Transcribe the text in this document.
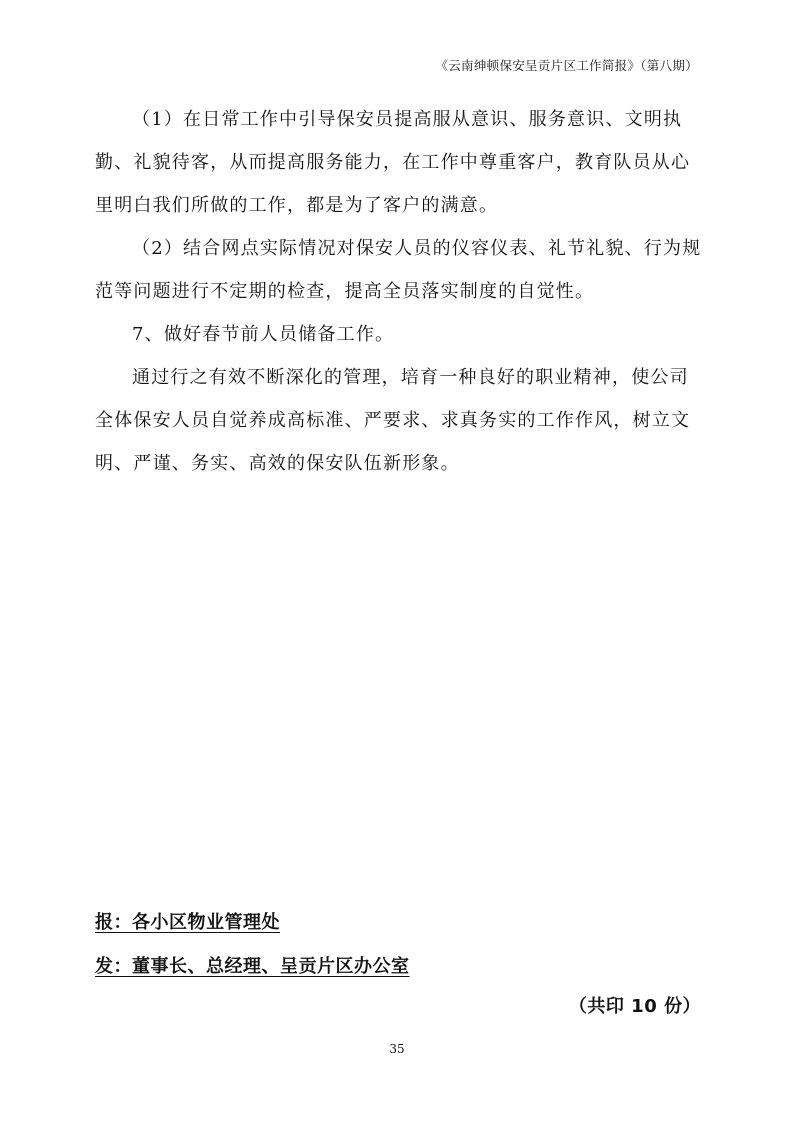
《云南绅顿保安呈贡片区工作简报》（第八期）

（1）在日常工作中引导保安员提高服从意识、服务意识、文明执勤、礼貌待客，从而提高服务能力，在工作中尊重客户，教育队员从心里明白我们所做的工作，都是为了客户的满意。

（2）结合网点实际情况对保安人员的仪容仪表、礼节礼貌、行为规范等问题进行不定期的检查，提高全员落实制度的自觉性。

7、做好春节前人员储备工作。

通过行之有效不断深化的管理，培育一种良好的职业精神，使公司全体保安人员自觉养成高标准、严要求、求真务实的工作作风，树立文明、严谨、务实、高效的保安队伍新形象。

报：各小区物业管理处
发：董事长、总经理、呈贡片区办公室
（共印 10 份）
35
